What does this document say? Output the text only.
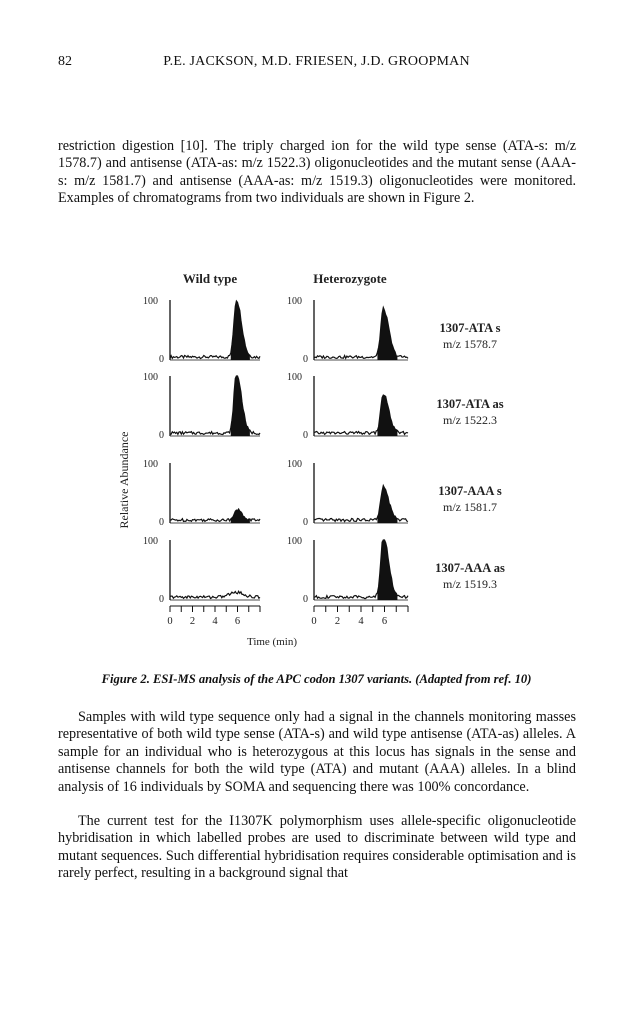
82	P.E. JACKSON, M.D. FRIESEN, J.D. GROOPMAN

restriction digestion [10]. The triply charged ion for the wild type sense (ATA-s: m/z 1578.7) and antisense (ATA-as: m/z 1522.3) oligonucleotides and the mutant sense (AAA-s: m/z 1581.7) and antisense (AAA-as: m/z 1519.3) oligonucleotides were monitored. Examples of chromatograms from two individuals are shown in Figure 2.

Wild type	Heterozygote
Relative Abundance
100
0
100
0
1307-ATA s
m/z 1578.7
100
0
100
0
1307-ATA as
m/z 1522.3
100
0
100
0
1307-AAA s
m/z 1581.7
100
0
100
0
1307-AAA as
m/z 1519.3
0 2 4 6	0 2 4 6
Time (min)
Figure 2. ESI-MS analysis of the APC codon 1307 variants. (Adapted from ref. 10)

Samples with wild type sequence only had a signal in the channels monitoring masses representative of both wild type sense (ATA-s) and wild type antisense (ATA-as) alleles. A sample for an individual who is heterozygous at this locus has signals in the sense and antisense channels for both the wild type (ATA) and mutant (AAA) alleles. In a blind analysis of 16 individuals by SOMA and sequencing there was 100% concordance.

The current test for the I1307K polymorphism uses allele-specific oligonucleotide hybridisation in which labelled probes are used to discriminate between wild type and mutant sequences. Such differential hybridisation requires considerable optimisation and is rarely perfect, resulting in a background signal that
